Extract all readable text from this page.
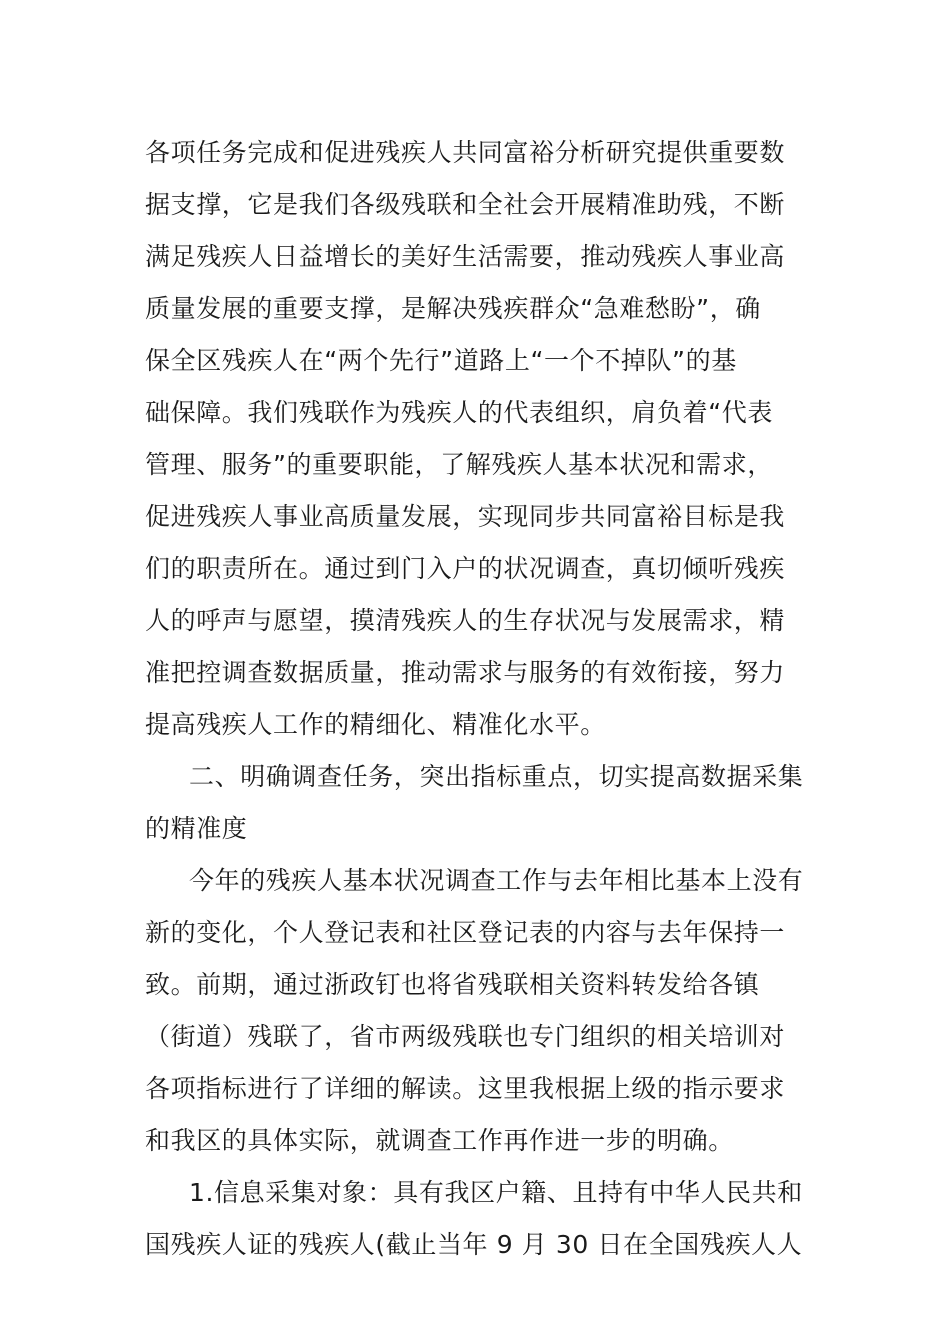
各项任务完成和促进残疾人共同富裕分析研究提供重要数
据支撑，它是我们各级残联和全社会开展精准助残，不断
满足残疾人日益增长的美好生活需要，推动残疾人事业高
质量发展的重要支撑，是解决残疾群众“急难愁盼”，确
保全区残疾人在“两个先行”道路上“一个不掉队”的基
础保障。我们残联作为残疾人的代表组织，肩负着“代表
管理、服务”的重要职能，了解残疾人基本状况和需求，
促进残疾人事业高质量发展，实现同步共同富裕目标是我
们的职责所在。通过到门入户的状况调查，真切倾听残疾
人的呼声与愿望，摸清残疾人的生存状况与发展需求，精
准把控调查数据质量，推动需求与服务的有效衔接，努力
提高残疾人工作的精细化、精准化水平。
二、明确调查任务，突出指标重点，切实提高数据采集
的精准度
今年的残疾人基本状况调查工作与去年相比基本上没有
新的变化，个人登记表和社区登记表的内容与去年保持一
致。前期，通过浙政钉也将省残联相关资料转发给各镇
（街道）残联了，省市两级残联也专门组织的相关培训对
各项指标进行了详细的解读。这里我根据上级的指示要求
和我区的具体实际，就调查工作再作进一步的明确。
1.信息采集对象：具有我区户籍、且持有中华人民共和
国残疾人证的残疾人(截止当年 9 月 30 日在全国残疾人人
